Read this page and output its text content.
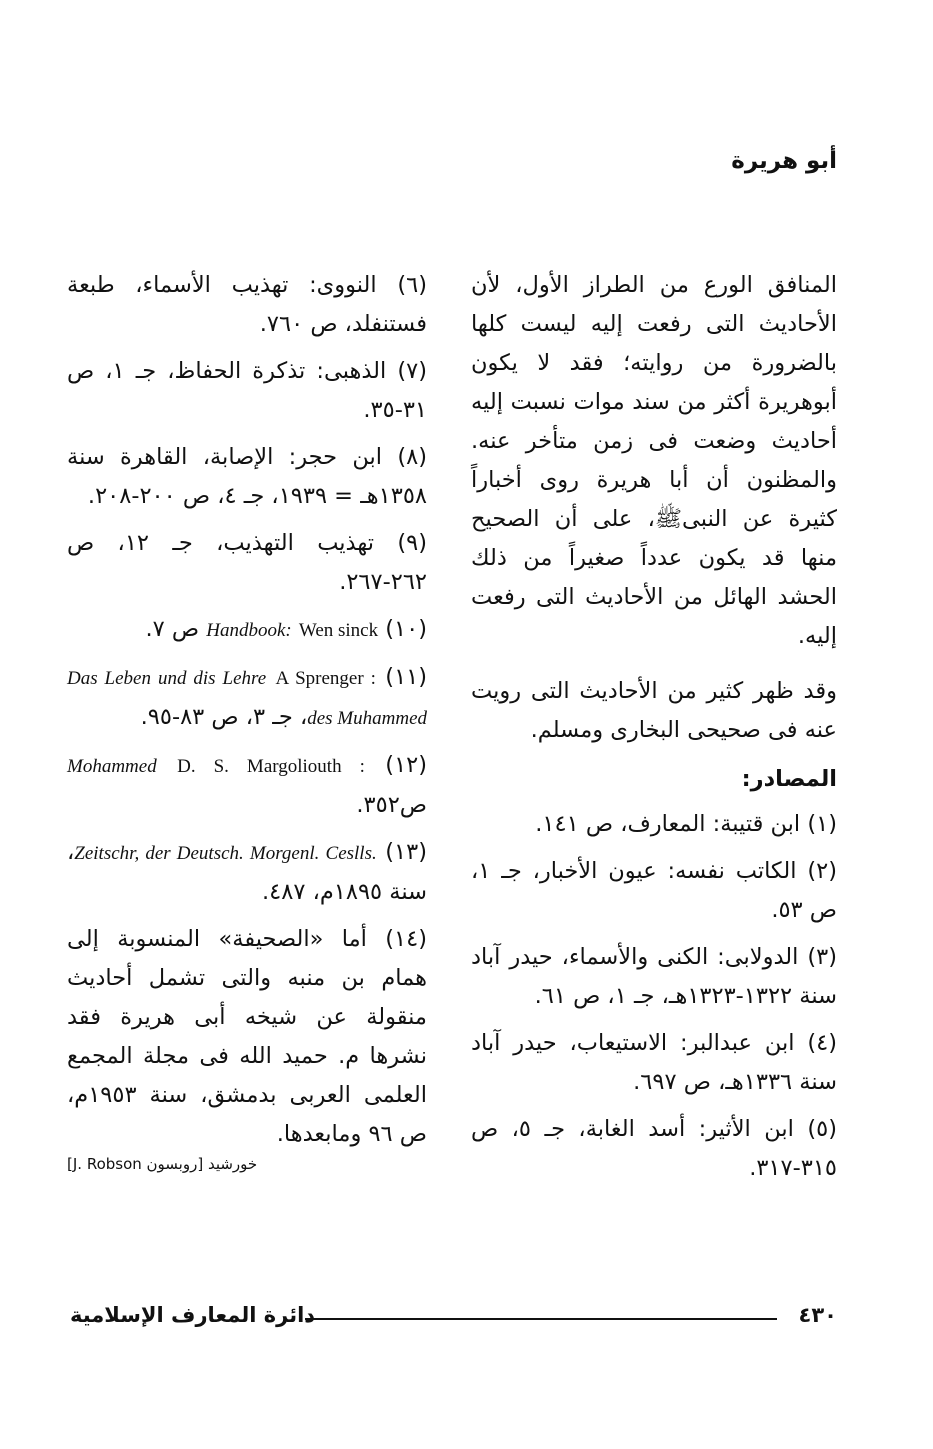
أبو هريرة

المنافق الورع من الطراز الأول، لأن الأحاديث التى رفعت إليه ليست كلها بالضرورة من روايته؛ فقد لا يكون أبوهريرة أكثر من سند موات نسبت إليه أحاديث وضعت فى زمن متأخر عنه. والمظنون أن أبا هريرة روى أخباراً كثيرة عن النبىﷺ، على أن الصحيح منها قد يكون عدداً صغيراً من ذلك الحشد الهائل من الأحاديث التى رفعت إليه.

وقد ظهر كثير من الأحاديث التى رويت عنه فى صحيحى البخارى ومسلم.

المصادر:

(١) ابن قتيبة: المعارف، ص ١٤١.

(٢) الكاتب نفسه: عيون الأخبار، جـ ١، ص ٥٣.

(٣) الدولابى: الكنى والأسماء، حيدر آباد سنة ١٣٢٢-١٣٢٣هـ، جـ ١، ص ٦١.

(٤) ابن عبدالبر: الاستيعاب، حيدر آباد سنة ١٣٣٦هـ، ص ٦٩٧.

(٥) ابن الأثير: أسد الغابة، جـ ٥، ص ٣١٥-٣١٧.

(٦) النووى: تهذيب الأسماء، طبعة فستنفلد، ص ٧٦٠.

(٧) الذهبى: تذكرة الحفاظ، جـ ١، ص ٣١-٣٥.

(٨) ابن حجر: الإصابة، القاهرة سنة ١٣٥٨هـ = ١٩٣٩، جـ ٤، ص ٢٠٠-٢٠٨.

(٩) تهذيب التهذيب، جـ ١٢، ص ٢٦٢-٢٦٧.

(١٠) Wen sinck Handbook: ص ٧.

(١١) A Sprenger : Das Leben und dis Lehre des Muhammed، جـ ٣، ص ٨٣-٩٥.

(١٢) D. S. Margoliouth : Mohammed ص٣٥٢.

(١٣) Zeitschr, der Deutsch. Morgenl. Ceslls.، سنة ١٨٩٥م، ٤٨٧.

(١٤) أما «الصحيفة» المنسوبة إلى همام بن منبه والتى تشمل أحاديث منقولة عن شيخه أبى هريرة فقد نشرها م. حميد الله فى مجلة المجمع العلمى العربى بدمشق، سنة ١٩٥٣م، ص ٩٦ ومابعدها.

خورشيد [روبسون J. Robson]

٤٣٠
دائرة المعارف الإسلامية
